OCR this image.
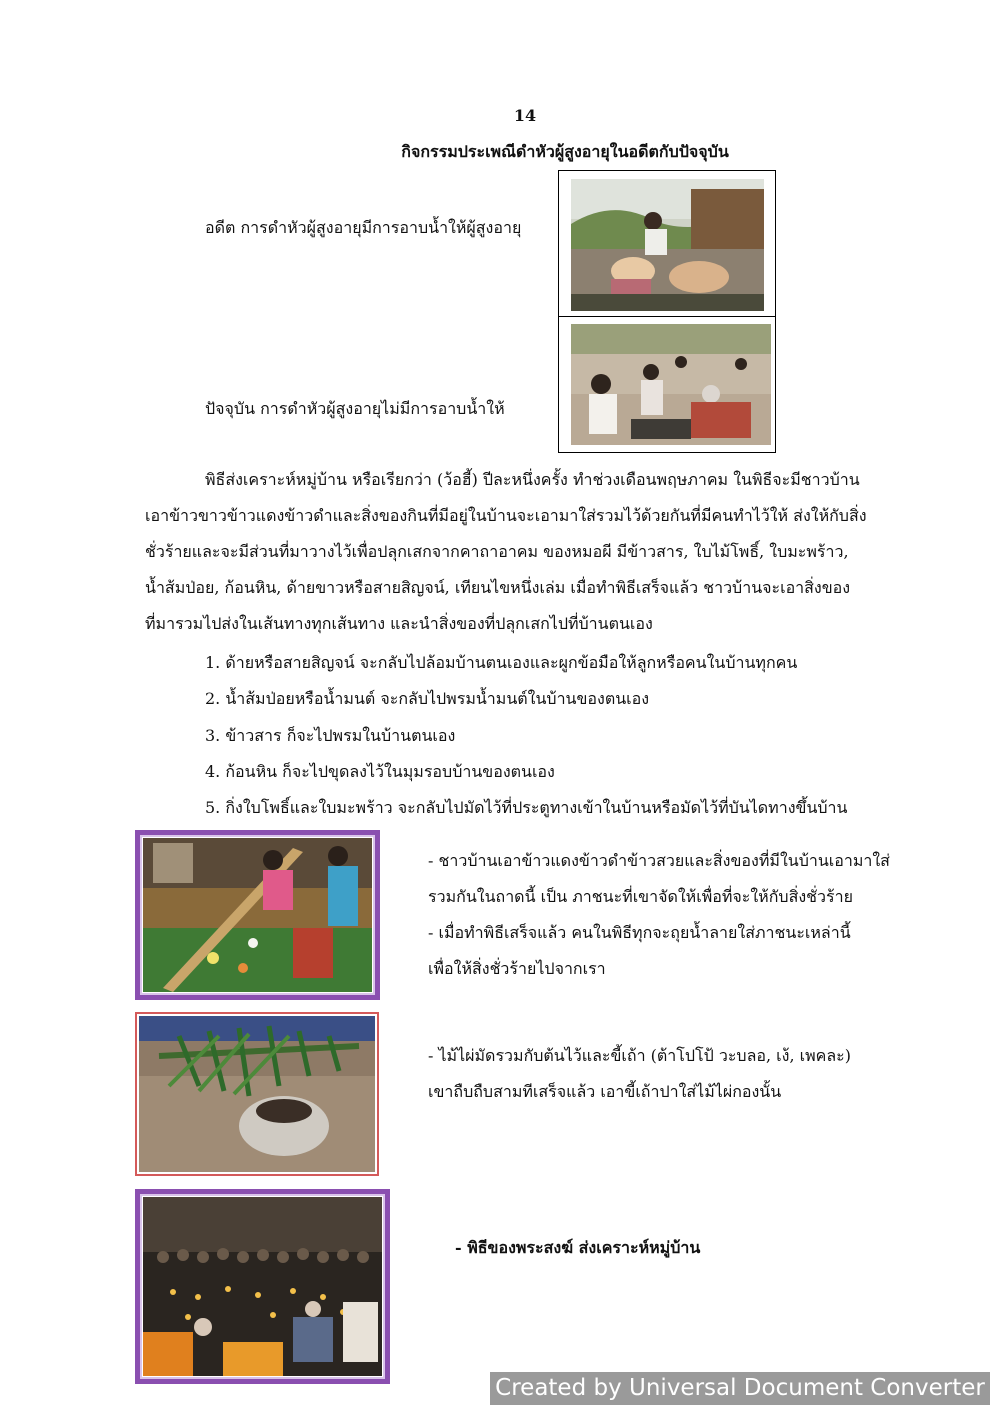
14
กิจกรรมประเพณีดำหัวผู้สูงอายุในอดีตกับปัจจุบัน
อดีต การดำหัวผู้สูงอายุมีการอาบน้ำให้ผู้สูงอายุ
ปัจจุบัน การดำหัวผู้สูงอายุไม่มีการอาบน้ำให้
พิธีส่งเคราะห์หมู่บ้าน หรือเรียกว่า (ว้อฮี้) ปีละหนึ่งครั้ง ทำช่วงเดือนพฤษภาคม ในพิธีจะมีชาวบ้าน
เอาข้าวขาวข้าวแดงข้าวดำและสิ่งของกินที่มีอยู่ในบ้านจะเอามาใส่รวมไว้ด้วยกันที่มีคนทำไว้ให้ ส่งให้กับสิ่ง
ชั่วร้ายและจะมีส่วนที่มาวางไว้เพื่อปลุกเสกจากคาถาอาคม ของหมอผี มีข้าวสาร, ใบไม้โพธิ์, ใบมะพร้าว,
น้ำส้มป่อย, ก้อนหิน, ด้ายขาวหรือสายสิญจน์, เทียนไขหนึ่งเล่ม เมื่อทำพิธีเสร็จแล้ว ชาวบ้านจะเอาสิ่งของ
ที่มารวมไปส่งในเส้นทางทุกเส้นทาง และนำสิ่งของที่ปลุกเสกไปที่บ้านตนเอง
1. ด้ายหรือสายสิญจน์ จะกลับไปล้อมบ้านตนเองและผูกข้อมือให้ลูกหรือคนในบ้านทุกคน
2. น้ำส้มป่อยหรือน้ำมนต์ จะกลับไปพรมน้ำมนต์ในบ้านของตนเอง
3. ข้าวสาร ก็จะไปพรมในบ้านตนเอง
4. ก้อนหิน ก็จะไปขุดลงไว้ในมุมรอบบ้านของตนเอง
5. กิ่งใบโพธิ์และใบมะพร้าว จะกลับไปมัดไว้ที่ประตูทางเข้าในบ้านหรือมัดไว้ที่บันไดทางขึ้นบ้าน
- ชาวบ้านเอาข้าวแดงข้าวดำข้าวสวยและสิ่งของที่มีในบ้านเอามาใส่
รวมกันในถาดนี้ เป็น ภาชนะที่เขาจัดให้เพื่อที่จะให้กับสิ่งชั่วร้าย
- เมื่อทำพิธีเสร็จแล้ว คนในพิธีทุกจะถุยน้ำลายใส่ภาชนะเหล่านี้
เพื่อให้สิ่งชั่วร้ายไปจากเรา
- ไม้ไผ่มัดรวมกับต้นไว้และขี้เถ้า (ต้าโปโป้ วะบลอ, เง้, เพคละ)
เขาถืบถืบสามทีเสร็จแล้ว เอาขี้เถ้าปาใส่ไม้ไผ่กองนั้น
- พิธีของพระสงฆ์ ส่งเคราะห์หมู่บ้าน
Created by Universal Document Converter
